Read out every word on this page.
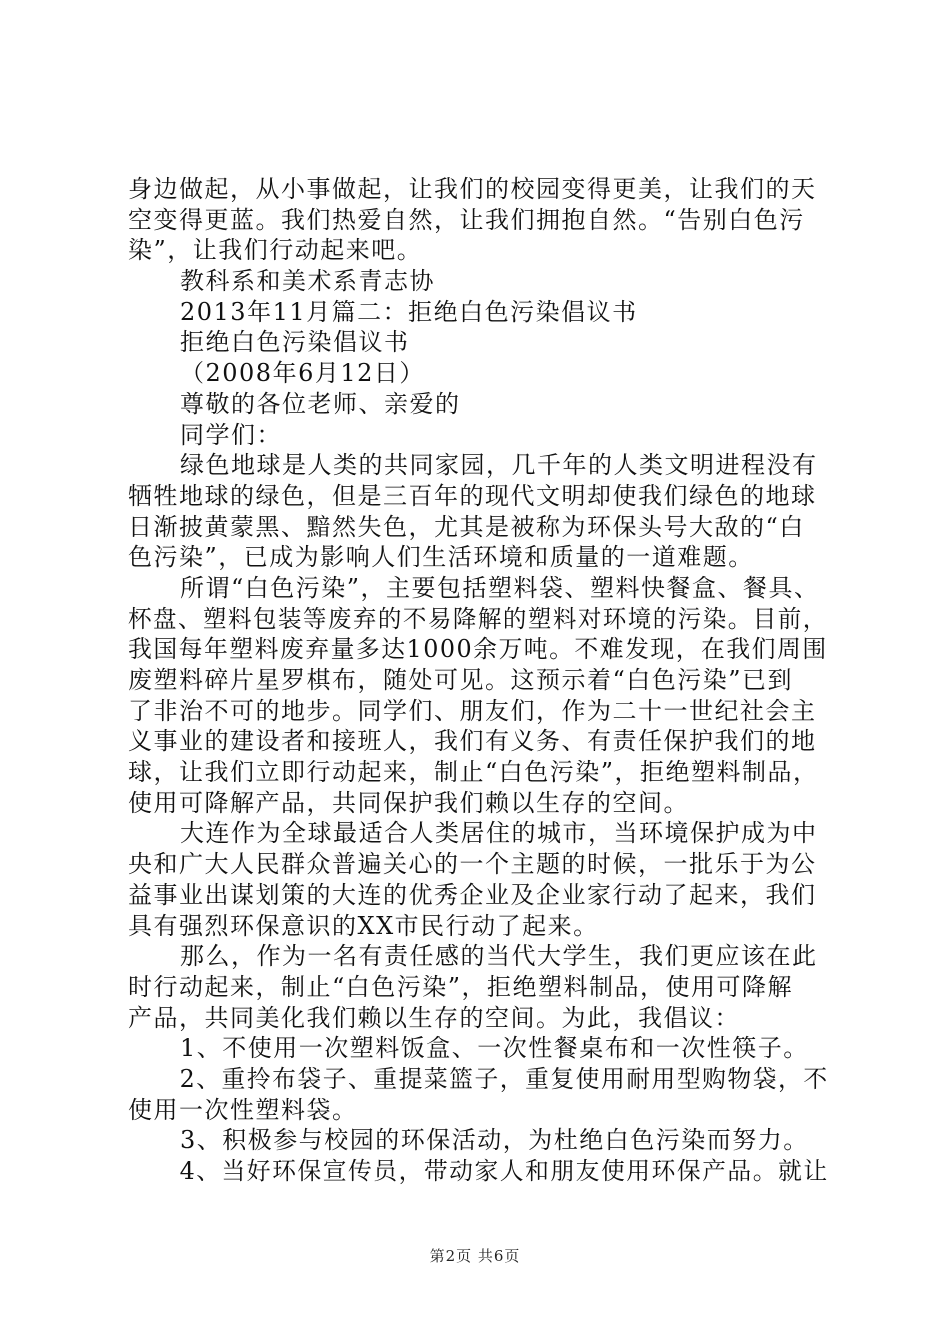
身边做起，从小事做起，让我们的校园变得更美，让我们的天
空变得更蓝。我们热爱自然，让我们拥抱自然。“告别白色污
染”，让我们行动起来吧。
教科系和美术系青志协
2013年11月篇二：拒绝白色污染倡议书
拒绝白色污染倡议书
（2008年6月12日）
尊敬的各位老师、亲爱的
同学们：
绿色地球是人类的共同家园，几千年的人类文明进程没有
牺牲地球的绿色，但是三百年的现代文明却使我们绿色的地球
日渐披黄蒙黑、黯然失色，尤其是被称为环保头号大敌的“白
色污染”，已成为影响人们生活环境和质量的一道难题。
所谓“白色污染”，主要包括塑料袋、塑料快餐盒、餐具、
杯盘、塑料包装等废弃的不易降解的塑料对环境的污染。目前，
我国每年塑料废弃量多达1000余万吨。不难发现，在我们周围
废塑料碎片星罗棋布，随处可见。这预示着“白色污染”已到
了非治不可的地步。同学们、朋友们，作为二十一世纪社会主
义事业的建设者和接班人，我们有义务、有责任保护我们的地
球，让我们立即行动起来，制止“白色污染”，拒绝塑料制品，
使用可降解产品，共同保护我们赖以生存的空间。
大连作为全球最适合人类居住的城市，当环境保护成为中
央和广大人民群众普遍关心的一个主题的时候，一批乐于为公
益事业出谋划策的大连的优秀企业及企业家行动了起来，我们
具有强烈环保意识的XX市民行动了起来。
那么，作为一名有责任感的当代大学生，我们更应该在此
时行动起来，制止“白色污染”，拒绝塑料制品，使用可降解
产品，共同美化我们赖以生存的空间。为此，我倡议：
1、不使用一次塑料饭盒、一次性餐桌布和一次性筷子。
2、重拎布袋子、重提菜篮子，重复使用耐用型购物袋，不
使用一次性塑料袋。
3、积极参与校园的环保活动，为杜绝白色污染而努力。
4、当好环保宣传员，带动家人和朋友使用环保产品。就让
第2页 共6页
